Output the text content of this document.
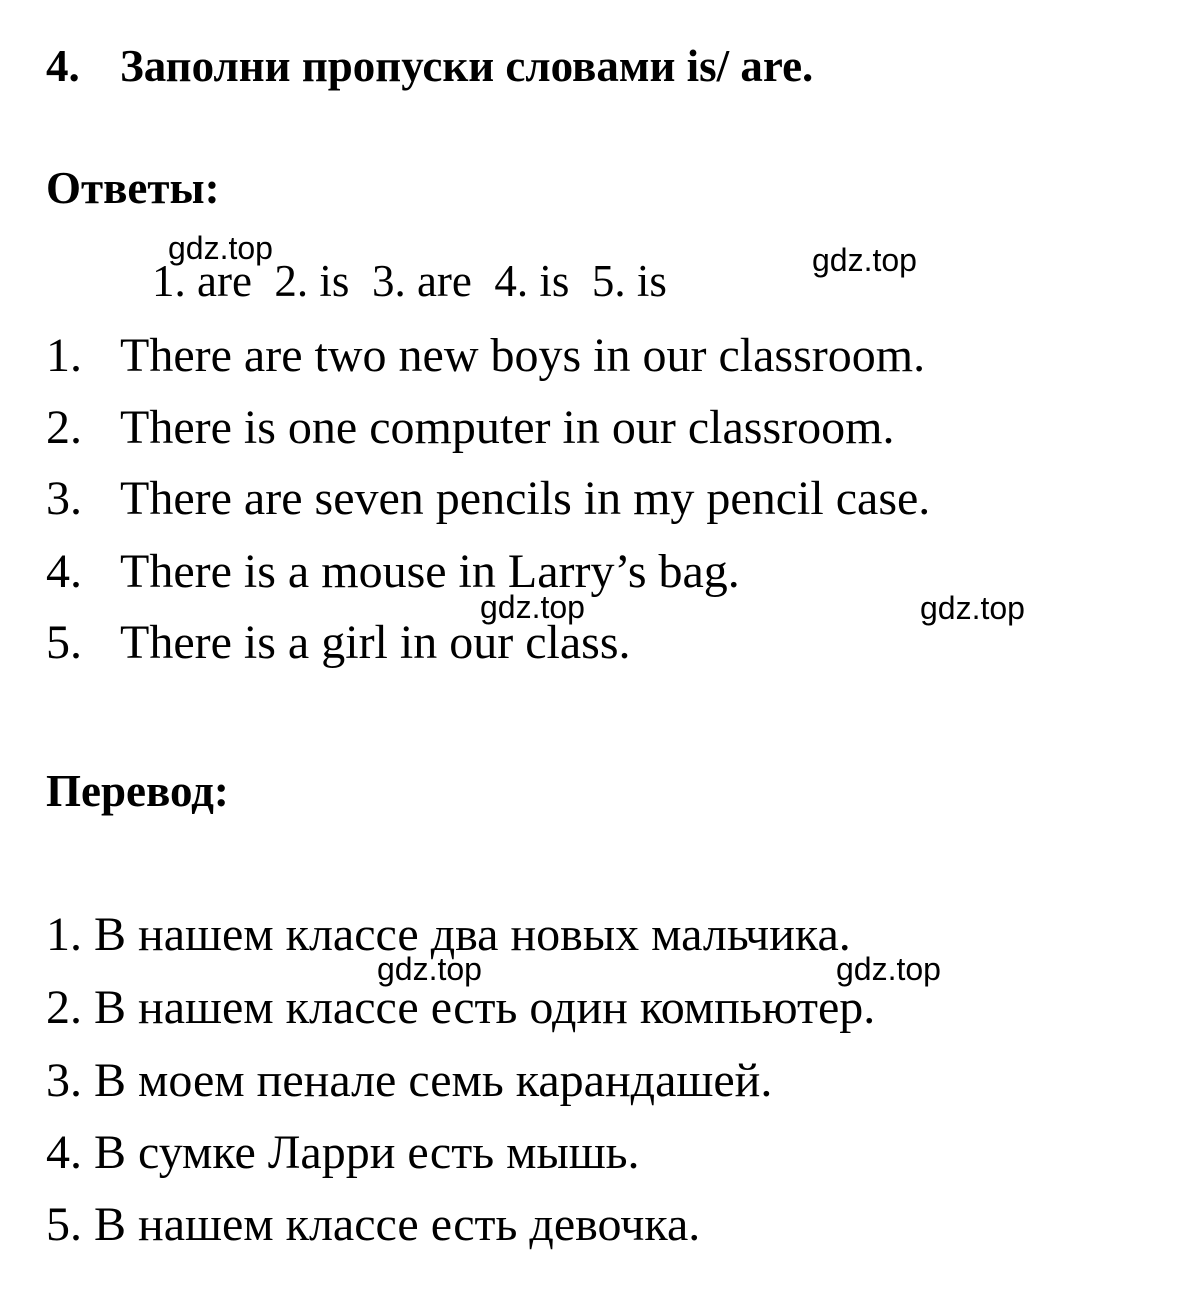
4. Заполни пропуски словами is/ are.
Ответы:
1. are  2. is  3. are  4. is  5. is
1. There are two new boys in our classroom.
2. There is one computer in our classroom.
3. There are seven pencils in my pencil case.
4. There is a mouse in Larry’s bag.
5. There is a girl in our class.
Перевод:
1. В нашем классе два новых мальчика.
2. В нашем классе есть один компьютер.
3. В моем пенале семь карандашей.
4. В сумке Ларри есть мышь.
5. В нашем классе есть девочка.
gdz.top	gdz.top
gdz.top	gdz.top
gdz.top	gdz.top
